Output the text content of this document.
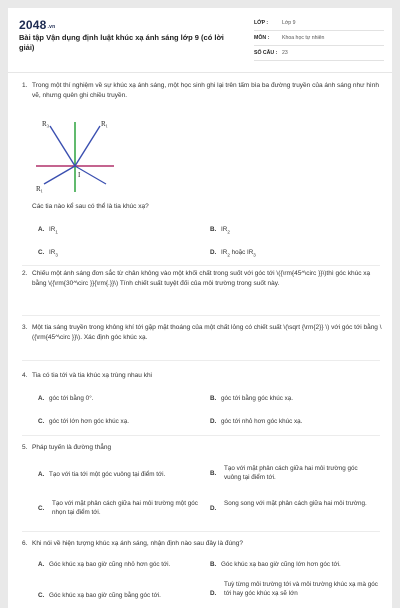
$2048_{.vn}$
Bài tập Vận dụng định luật khúc xạ ánh sáng lớp 9 (có lời giải)
LỚP :	Lớp 9
MÔN :	Khoa học tự nhiên
SỐ CÂU : 23
1. Trong một thí nghiệm về sự khúc xạ ánh sáng, một học sinh ghi lại trên tấm bìa ba đường truyền của ánh sáng như hình vẽ, nhưng quên ghi chiều truyền.
$R_3$	$R_1$
$R_1$
I
Các tia nào kể sau có thể là tia khúc xạ?
A. $IR_1$	B. $IR_2$
C. $IR_3$	D. $IR_2$ hoặc $IR_3$
2. Chiếu một ánh sáng đơn sắc từ chân không vào một khối chất trong suốt với góc tới \({\rm{45^\circ }}\)thì góc khúc xạ bằng \({\rm{30^\circ }}{\rm{.}}\) Tính chiết suất tuyệt đối của môi trường trong suốt này.
3. Một tia sáng truyền trong không khí tới gặp mặt thoáng của một chất lỏng có chiết suất \(\sqrt {\rm{2}} \) với góc tới bằng \({\rm{45^\circ }}\). Xác định góc khúc xạ.
4. Tia có tia tới và tia khúc xạ trùng nhau khi
A. góc tới bằng 0°.	B. góc tới bằng góc khúc xạ.
C. góc tới lớn hơn góc khúc xạ.	D. góc tới nhỏ hơn góc khúc xạ.
5. Pháp tuyến là đường thẳng
A. Tạo với tia tới một góc vuông tại điểm tới.	B.
Tạo với mặt phân cách giữa hai môi trường góc vuông tại điểm tới.
C.
Tạo với mặt phân cách giữa hai môi trường một góc nhọn tại điểm tới.
D.
Song song với mặt phân cách giữa hai môi trường.
6. Khi nói về hiện tượng khúc xạ ánh sáng, nhận định nào sau đây là đúng?
A. Góc khúc xạ bao giờ cũng nhỏ hơn góc tới.	B. Góc khúc xạ bao giờ cũng lớn hơn góc tới.
C. Góc khúc xạ bao giờ cũng bằng góc tới.	D.
Tuỳ từng môi trường tới và môi trường khúc xạ mà góc tới hay góc khúc xạ sẽ lớn
